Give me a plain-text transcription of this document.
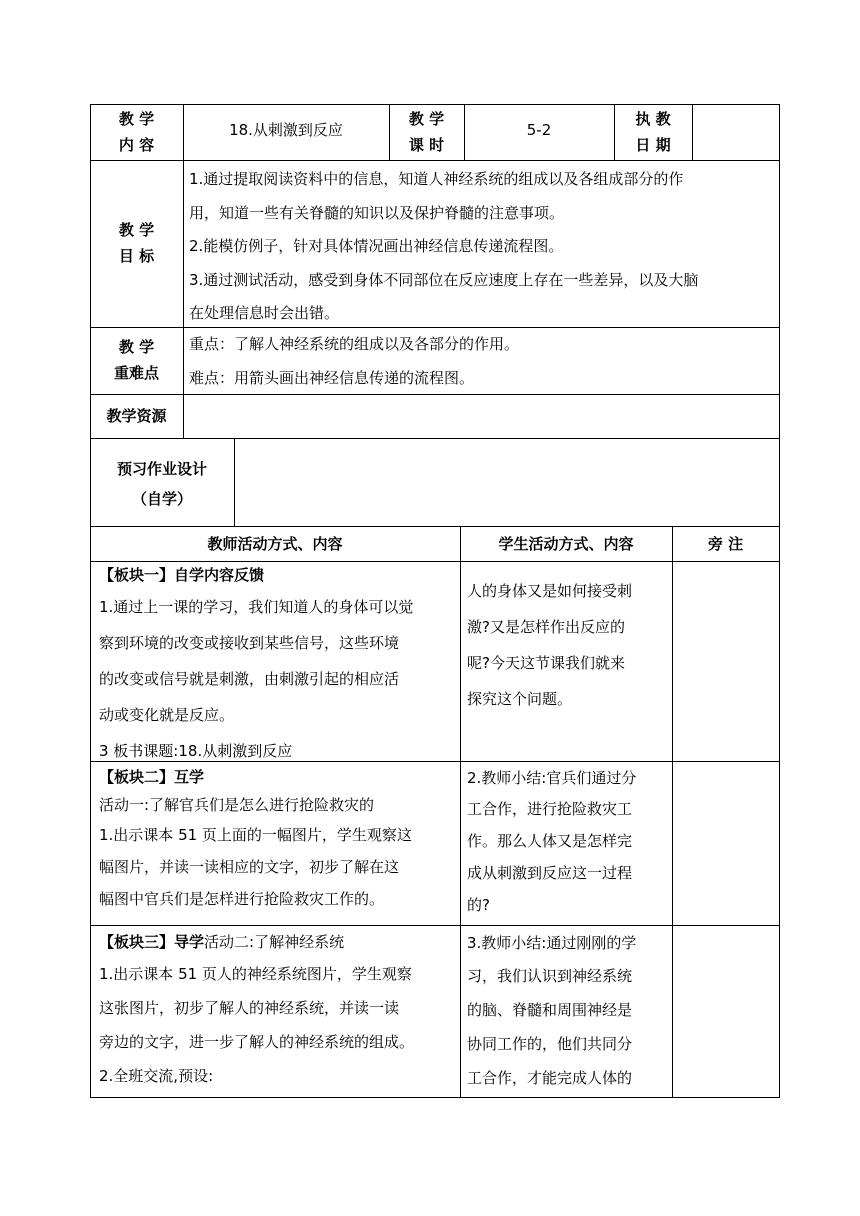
教 学
内 容
18.从刺激到反应
教 学
课 时
5-2
执 教
日 期
教 学
目 标
1.通过提取阅读资料中的信息，知道人神经系统的组成以及各组成部分的作
用，知道一些有关脊髓的知识以及保护脊髓的注意事项。
2.能模仿例子，针对具体情况画出神经信息传递流程图。
3.通过测试活动，感受到身体不同部位在反应速度上存在一些差异，以及大脑
在处理信息时会出错。
教 学
重难点
重点：了解人神经系统的组成以及各部分的作用。
难点：用箭头画出神经信息传递的流程图。
教学资源
预习作业设计
（自学）
教师活动方式、内容	学生活动方式、内容	旁 注
【板块一】自学内容反馈
1.通过上一课的学习，我们知道人的身体可以觉
察到环境的改变或接收到某些信号，这些环境
的改变或信号就是刺激，由刺激引起的相应活
动或变化就是反应。
3 板书课题:18.从刺激到反应
人的身体又是如何接受刺
激?又是怎样作出反应的
呢?今天这节课我们就来
探究这个问题。
【板块二】互学
活动一:了解官兵们是怎么进行抢险救灾的
1.出示课本 51 页上面的一幅图片，学生观察这
幅图片，并读一读相应的文字，初步了解在这
幅图中官兵们是怎样进行抢险救灾工作的。
2.教师小结:官兵们通过分
工合作，进行抢险救灾工
作。那么人体又是怎样完
成从刺激到反应这一过程
的?
【板块三】导学活动二:了解神经系统
1.出示课本 51 页人的神经系统图片，学生观察
这张图片，初步了解人的神经系统，并读一读
旁边的文字，进一步了解人的神经系统的组成。
2.全班交流,预设:
3.教师小结:通过刚刚的学
习，我们认识到神经系统
的脑、脊髓和周围神经是
协同工作的，他们共同分
工合作，才能完成人体的
